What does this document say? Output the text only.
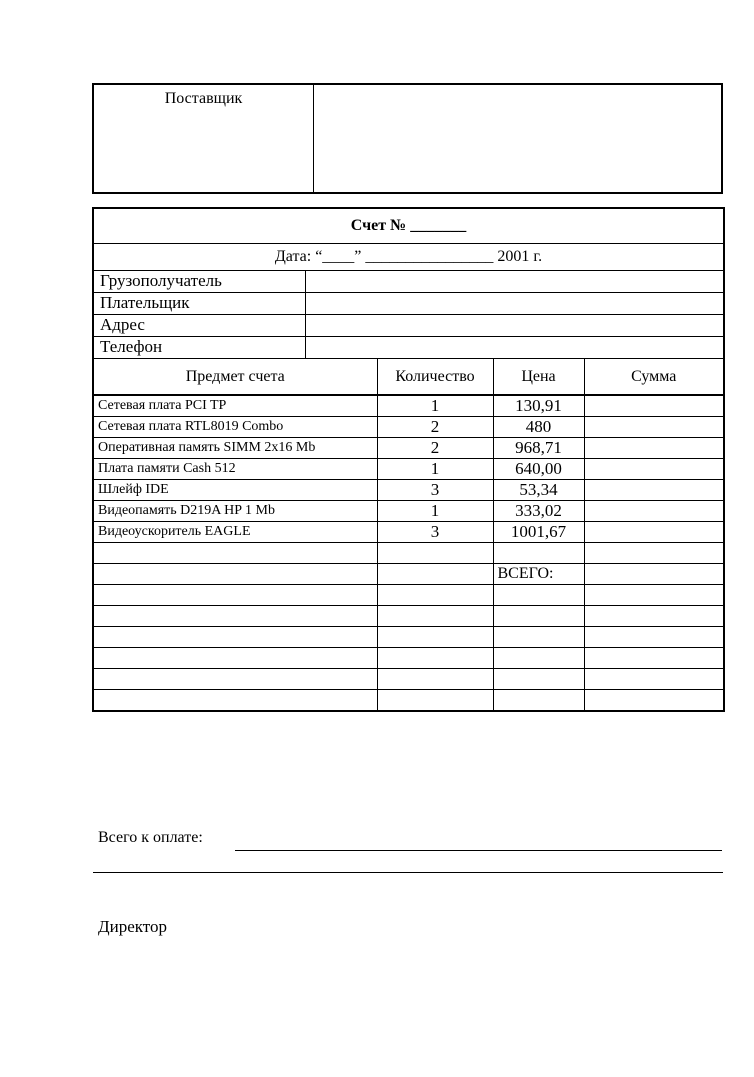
Поставщик
Счет № _______				
Дата: “____” ________________ 2001 г.				
Грузополучатель				
Плательщик				
Адрес				
Телефон				
Предмет счета		Количество	Цена	Сумма
Сетевая плата PCI TP		1	130,91	
Сетевая плата RTL8019 Combo		2	480	
Оперативная память SIMM 2x16 Mb		2	968,71	
Плата памяти Cash 512		1	640,00	
Шлейф IDE		3	53,34	
Видеопамять D219A HP 1 Mb		1	333,02	
Видеоускоритель EAGLE		3	1001,67	

			ВСЕГО:	

Всего к оплате:
Директор
